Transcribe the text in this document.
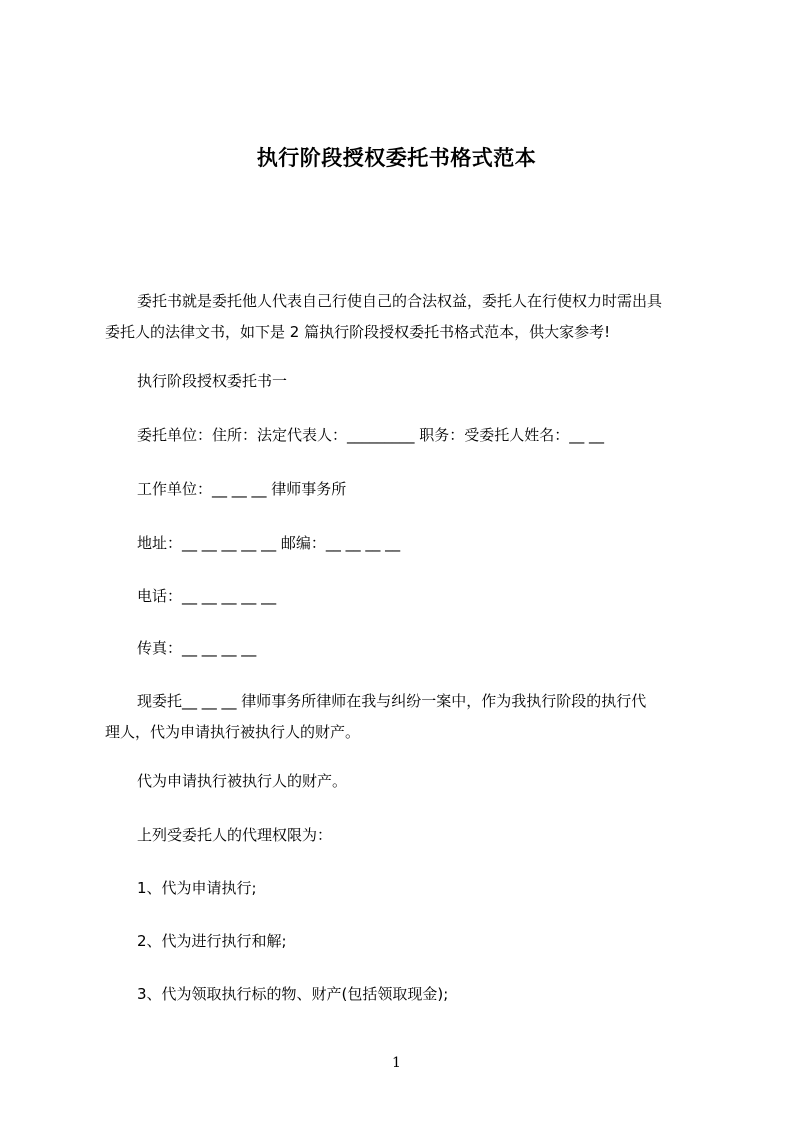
执行阶段授权委托书格式范本
委托书就是委托他人代表自己行使自己的合法权益，委托人在行使权力时需出具
委托人的法律文书，如下是 2 篇执行阶段授权委托书格式范本，供大家参考!
执行阶段授权委托书一
委托单位：住所：法定代表人：_________ 职务：受委托人姓名：__ __
工作单位：__ __ __ 律师事务所
地址：__ __ __ __ __ 邮编：__ __ __ __
电话：__ __ __ __ __
传真：__ __ __ __
现委托__ __ __ 律师事务所律师在我与纠纷一案中，作为我执行阶段的执行代
理人，代为申请执行被执行人的财产。
代为申请执行被执行人的财产。
上列受委托人的代理权限为：
1、代为申请执行;
2、代为进行执行和解;
3、代为领取执行标的物、财产(包括领取现金);
1
